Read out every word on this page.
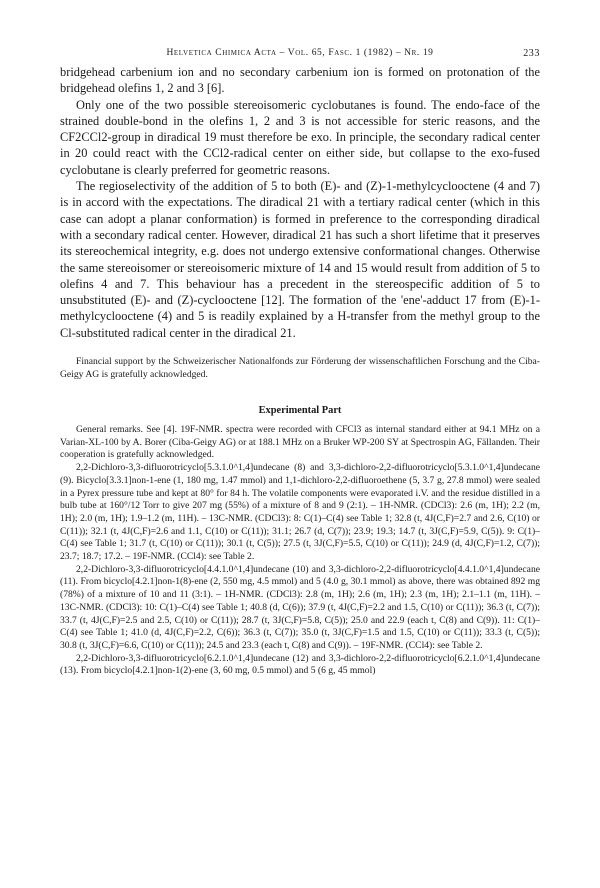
Helvetica Chimica Acta – Vol. 65, Fasc. 1 (1982) – Nr. 19	233

bridgehead carbenium ion and no secondary carbenium ion is formed on protonation of the bridgehead olefins 1, 2 and 3 [6].

Only one of the two possible stereoisomeric cyclobutanes is found. The endo-face of the strained double-bond in the olefins 1, 2 and 3 is not accessible for steric reasons, and the CF2CCl2-group in diradical 19 must therefore be exo. In principle, the secondary radical center in 20 could react with the CCl2-radical center on either side, but collapse to the exo-fused cyclobutane is clearly preferred for geometric reasons.

The regioselectivity of the addition of 5 to both (E)- and (Z)-1-methylcyclooctene (4 and 7) is in accord with the expectations. The diradical 21 with a tertiary radical center (which in this case can adopt a planar conformation) is formed in preference to the corresponding diradical with a secondary radical center. However, diradical 21 has such a short lifetime that it preserves its stereochemical integrity, e.g. does not undergo extensive conformational changes. Otherwise the same stereoisomer or stereoisomeric mixture of 14 and 15 would result from addition of 5 to olefins 4 and 7. This behaviour has a precedent in the stereospecific addition of 5 to unsubstituted (E)- and (Z)-cyclooctene [12]. The formation of the 'ene'-adduct 17 from (E)-1-methylcyclooctene (4) and 5 is readily explained by a H-transfer from the methyl group to the Cl-substituted radical center in the diradical 21.

Financial support by the Schweizerischer Nationalfonds zur Förderung der wissenschaftlichen Forschung and the Ciba-Geigy AG is gratefully acknowledged.

Experimental Part

General remarks. See [4]. 19F-NMR. spectra were recorded with CFCl3 as internal standard either at 94.1 MHz on a Varian-XL-100 by A. Borer (Ciba-Geigy AG) or at 188.1 MHz on a Bruker WP-200 SY at Spectrospin AG, Fällanden. Their cooperation is gratefully acknowledged.

2,2-Dichloro-3,3-difluorotricyclo[5.3.1.0^1,4]undecane (8) and 3,3-dichloro-2,2-difluorotricyclo[5.3.1.0^1,4]undecane (9). Bicyclo[3.3.1]non-1-ene (1, 180 mg, 1.47 mmol) and 1,1-dichloro-2,2-difluoroethene (5, 3.7 g, 27.8 mmol) were sealed in a Pyrex pressure tube and kept at 80° for 84 h. The volatile components were evaporated i.V. and the residue distilled in a bulb tube at 160°/12 Torr to give 207 mg (55%) of a mixture of 8 and 9 (2:1). – 1H-NMR. (CDCl3): 2.6 (m, 1H); 2.2 (m, 1H); 2.0 (m, 1H); 1.9–1.2 (m, 11H). – 13C-NMR. (CDCl3): 8: C(1)–C(4) see Table 1; 32.8 (t, 4J(C,F)=2.7 and 2.6, C(10) or C(11)); 32.1 (t, 4J(C,F)=2.6 and 1.1, C(10) or C(11)); 31.1; 26.7 (d, C(7)); 23.9; 19.3; 14.7 (t, 3J(C,F)=5.9, C(5)). 9: C(1)–C(4) see Table 1; 31.7 (t, C(10) or C(11)); 30.1 (t, C(5)); 27.5 (t, 3J(C,F)=5.5, C(10) or C(11)); 24.9 (d, 4J(C,F)=1.2, C(7)); 23.7; 18.7; 17.2. – 19F-NMR. (CCl4): see Table 2.

2,2-Dichloro-3,3-difluorotricyclo[4.4.1.0^1,4]undecane (10) and 3,3-dichloro-2,2-difluorotricyclo[4.4.1.0^1,4]undecane (11). From bicyclo[4.2.1]non-1(8)-ene (2, 550 mg, 4.5 mmol) and 5 (4.0 g, 30.1 mmol) as above, there was obtained 892 mg (78%) of a mixture of 10 and 11 (3:1). – 1H-NMR. (CDCl3): 2.8 (m, 1H); 2.6 (m, 1H); 2.3 (m, 1H); 2.1–1.1 (m, 11H). – 13C-NMR. (CDCl3): 10: C(1)–C(4) see Table 1; 40.8 (d, C(6)); 37.9 (t, 4J(C,F)=2.2 and 1.5, C(10) or C(11)); 36.3 (t, C(7)); 33.7 (t, 4J(C,F)=2.5 and 2.5, C(10) or C(11)); 28.7 (t, 3J(C,F)=5.8, C(5)); 25.0 and 22.9 (each t, C(8) and C(9)). 11: C(1)–C(4) see Table 1; 41.0 (d, 4J(C,F)=2.2, C(6)); 36.3 (t, C(7)); 35.0 (t, 3J(C,F)=1.5 and 1.5, C(10) or C(11)); 33.3 (t, C(5)); 30.8 (t, 3J(C,F)=6.6, C(10) or C(11)); 24.5 and 23.3 (each t, C(8) and C(9)). – 19F-NMR. (CCl4): see Table 2.

2,2-Dichloro-3,3-difluorotricyclo[6.2.1.0^1,4]undecane (12) and 3,3-dichloro-2,2-difluorotricyclo[6.2.1.0^1,4]undecane (13). From bicyclo[4.2.1]non-1(2)-ene (3, 60 mg, 0.5 mmol) and 5 (6 g, 45 mmol)
